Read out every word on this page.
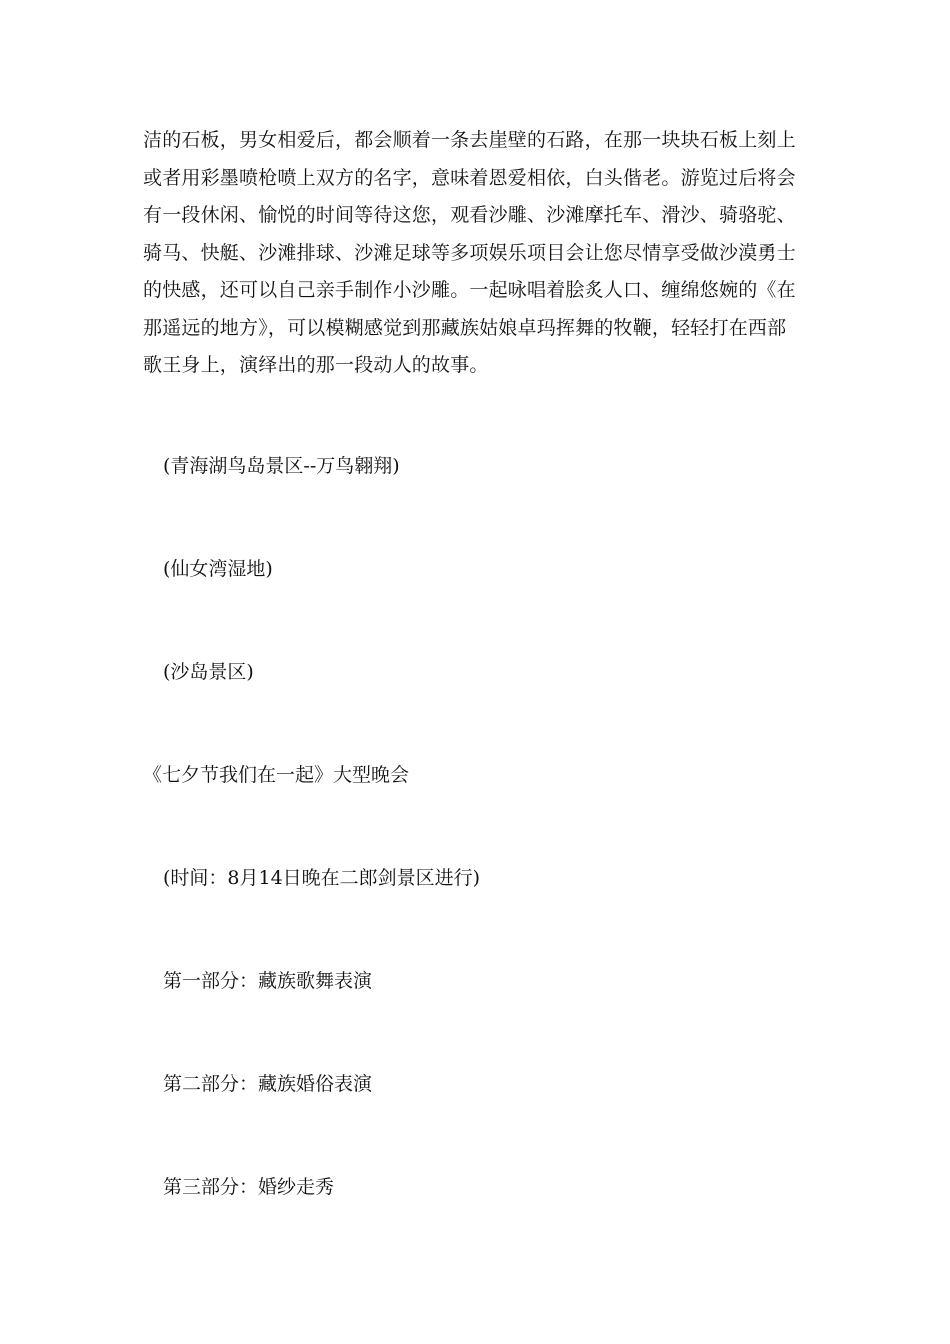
洁的石板，男女相爱后，都会顺着一条去崖壁的石路，在那一块块石板上刻上
或者用彩墨喷枪喷上双方的名字，意味着恩爱相依，白头偕老。游览过后将会
有一段休闲、愉悦的时间等待这您，观看沙雕、沙滩摩托车、滑沙、骑骆驼、
骑马、快艇、沙滩排球、沙滩足球等多项娱乐项目会让您尽情享受做沙漠勇士
的快感，还可以自己亲手制作小沙雕。一起咏唱着脍炙人口、缠绵悠婉的《在
那遥远的地方》，可以模糊感觉到那藏族姑娘卓玛挥舞的牧鞭，轻轻打在西部
歌王身上，演绎出的那一段动人的故事。
(青海湖鸟岛景区--万鸟翱翔)
(仙女湾湿地)
(沙岛景区)
《七夕节我们在一起》大型晚会
(时间：8月14日晚在二郎剑景区进行)
第一部分：藏族歌舞表演
第二部分：藏族婚俗表演
第三部分：婚纱走秀
